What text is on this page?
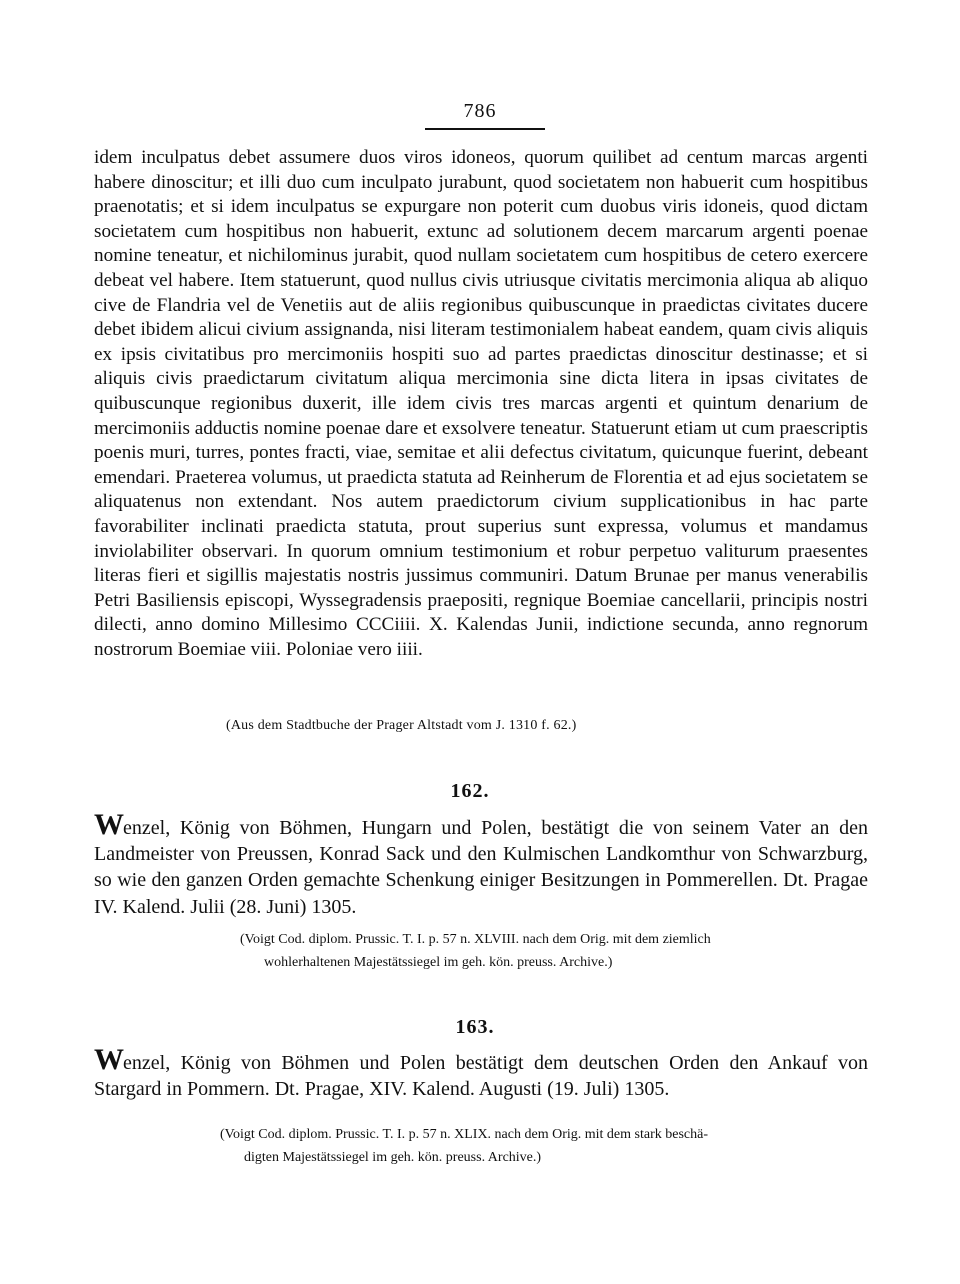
786

idem inculpatus debet assumere duos viros idoneos, quorum quilibet ad centum marcas argenti habere dinoscitur; et illi duo cum inculpato jurabunt, quod societatem non habuerit cum hospitibus praenotatis; et si idem inculpatus se expurgare non poterit cum duobus viris idoneis, quod dictam societatem cum hospitibus non habuerit, extunc ad solutionem decem marcarum argenti poenae nomine teneatur, et nichilominus jurabit, quod nullam societatem cum hospitibus de cetero exercere debeat vel habere. Item statuerunt, quod nullus civis utriusque civitatis mercimonia aliqua ab aliquo cive de Flandria vel de Venetiis aut de aliis regionibus quibuscunque in praedictas civitates ducere debet ibidem alicui civium assignanda, nisi literam testimonialem habeat eandem, quam civis aliquis ex ipsis civitatibus pro mercimoniis hospiti suo ad partes praedictas dinoscitur destinasse; et si aliquis civis praedictarum civitatum aliqua mercimonia sine dicta litera in ipsas civitates de quibuscunque regionibus duxerit, ille idem civis tres marcas argenti et quintum denarium de mercimoniis adductis nomine poenae dare et exsolvere teneatur. Statuerunt etiam ut cum praescriptis poenis muri, turres, pontes fracti, viae, semitae et alii defectus civitatum, quicunque fuerint, debeant emendari. Praeterea volumus, ut praedicta statuta ad Reinherum de Florentia et ad ejus societatem se aliquatenus non extendant. Nos autem praedictorum civium supplicationibus in hac parte favorabiliter inclinati praedicta statuta, prout superius sunt expressa, volumus et mandamus inviolabiliter observari. In quorum omnium testimonium et robur perpetuo valiturum praesentes literas fieri et sigillis majestatis nostris jussimus communiri. Datum Brunae per manus venerabilis Petri Basiliensis episcopi, Wyssegradensis praepositi, regnique Boemiae cancellarii, principis nostri dilecti, anno domino Millesimo CCCiiii. X. Kalendas Junii, indictione secunda, anno regnorum nostrorum Boemiae viii. Poloniae vero iiii.

(Aus dem Stadtbuche der Prager Altstadt vom J. 1310 f. 62.)

162.

Wenzel, König von Böhmen, Hungarn und Polen, bestätigt die von seinem Vater an den Landmeister von Preussen, Konrad Sack und den Kulmischen Landkomthur von Schwarzburg, so wie den ganzen Orden gemachte Schenkung einiger Besitzungen in Pommerellen. Dt. Pragae IV. Kalend. Julii (28. Juni) 1305.

(Voigt Cod. diplom. Prussic. T. I. p. 57 n. XLVIII. nach dem Orig. mit dem ziemlich
wohlerhaltenen Majestätssiegel im geh. kön. preuss. Archive.)

163.

Wenzel, König von Böhmen und Polen bestätigt dem deutschen Orden den Ankauf von Stargard in Pommern. Dt. Pragae, XIV. Kalend. Augusti (19. Juli) 1305.

(Voigt Cod. diplom. Prussic. T. I. p. 57 n. XLIX. nach dem Orig. mit dem stark beschä-
digten Majestätssiegel im geh. kön. preuss. Archive.)
